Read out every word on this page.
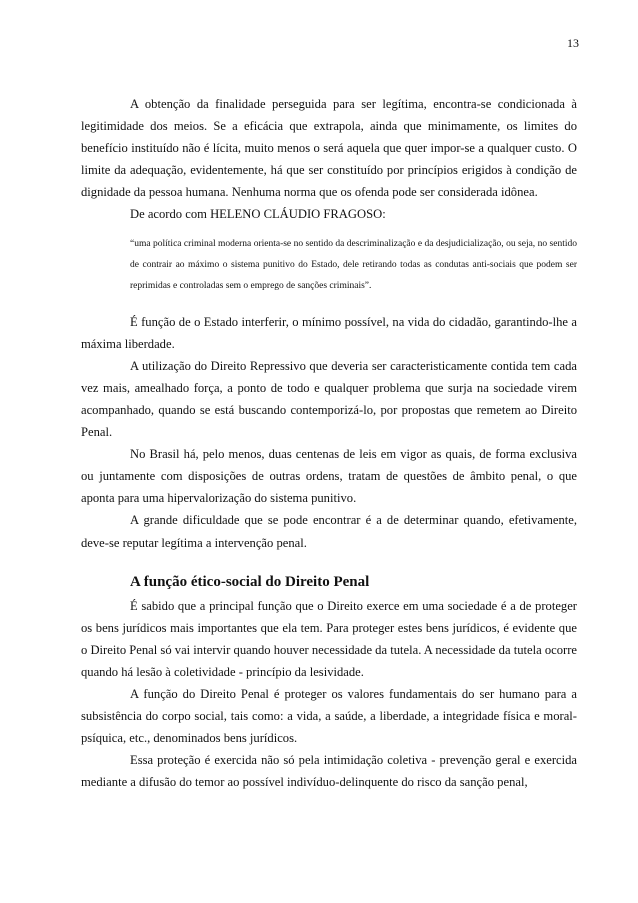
13

A obtenção da finalidade perseguida para ser legítima, encontra-se condicionada à legitimidade dos meios. Se a eficácia que extrapola, ainda que minimamente, os limites do benefício instituído não é lícita, muito menos o será aquela que quer impor-se a qualquer custo. O limite da adequação, evidentemente, há que ser constituído por princípios erigidos à condição de dignidade da pessoa humana. Nenhuma norma que os ofenda pode ser considerada idônea.

De acordo com HELENO CLÁUDIO FRAGOSO:

“uma política criminal moderna orienta-se no sentido da descriminalização e da desjudicialização, ou seja, no sentido de contrair ao máximo o sistema punitivo do Estado, dele retirando todas as condutas anti-sociais que podem ser reprimidas e controladas sem o emprego de sanções criminais”.

É função de o Estado interferir, o mínimo possível, na vida do cidadão, garantindo-lhe a máxima liberdade.

A utilização do Direito Repressivo que deveria ser caracteristicamente contida tem cada vez mais, amealhado força, a ponto de todo e qualquer problema que surja na sociedade virem acompanhado, quando se está buscando contemporizá-lo, por propostas que remetem ao Direito Penal.

No Brasil há, pelo menos, duas centenas de leis em vigor as quais, de forma exclusiva ou juntamente com disposições de outras ordens, tratam de questões de âmbito penal, o que aponta para uma hipervalorização do sistema punitivo.

A grande dificuldade que se pode encontrar é a de determinar quando, efetivamente, deve-se reputar legítima a intervenção penal.

A função ético-social do Direito Penal

É sabido que a principal função que o Direito exerce em uma sociedade é a de proteger os bens jurídicos mais importantes que ela tem. Para proteger estes bens jurídicos, é evidente que o Direito Penal só vai intervir quando houver necessidade da tutela. A necessidade da tutela ocorre quando há lesão à coletividade - princípio da lesividade.

A função do Direito Penal é proteger os valores fundamentais do ser humano para a subsistência do corpo social, tais como: a vida, a saúde, a liberdade, a integridade física e moral-psíquica, etc., denominados bens jurídicos.

Essa proteção é exercida não só pela intimidação coletiva - prevenção geral e exercida mediante a difusão do temor ao possível indivíduo-delinquente do risco da sanção penal,
